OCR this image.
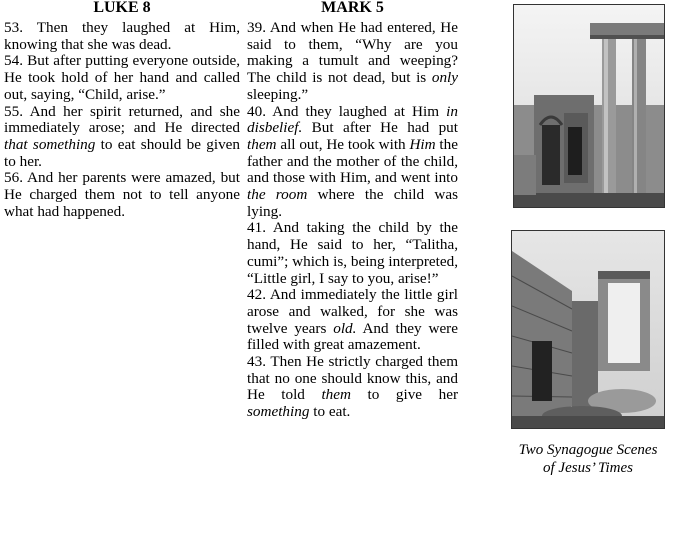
LUKE 8

53. Then they laughed at Him, knowing that she was dead.

54. But after putting everyone outside, He took hold of her hand and called out, saying, “Child, arise.”

55. And her spirit returned, and she immediately arose; and He directed that something to eat should be given to her.

56. And her parents were amazed, but He charged them not to tell anyone what had happened.

MARK 5

39. And when He had entered, He said to them, “Why are you making a tumult and weeping? The child is not dead, but is only sleeping.”

40. And they laughed at Him in disbelief. But after He had put them all out, He took with Him the father and the mother of the child, and those with Him, and went into the room where the child was lying.

41. And taking the child by the hand, He said to her, “Talitha, cumi”; which is, being interpreted, “Little girl, I say to you, arise!”

42. And immediately the little girl arose and walked, for she was twelve years old. And they were filled with great amazement.

43. Then He strictly charged them that no one should know this, and He told them to give her something to eat.

Two Synagogue Scenes
of Jesus’ Times
